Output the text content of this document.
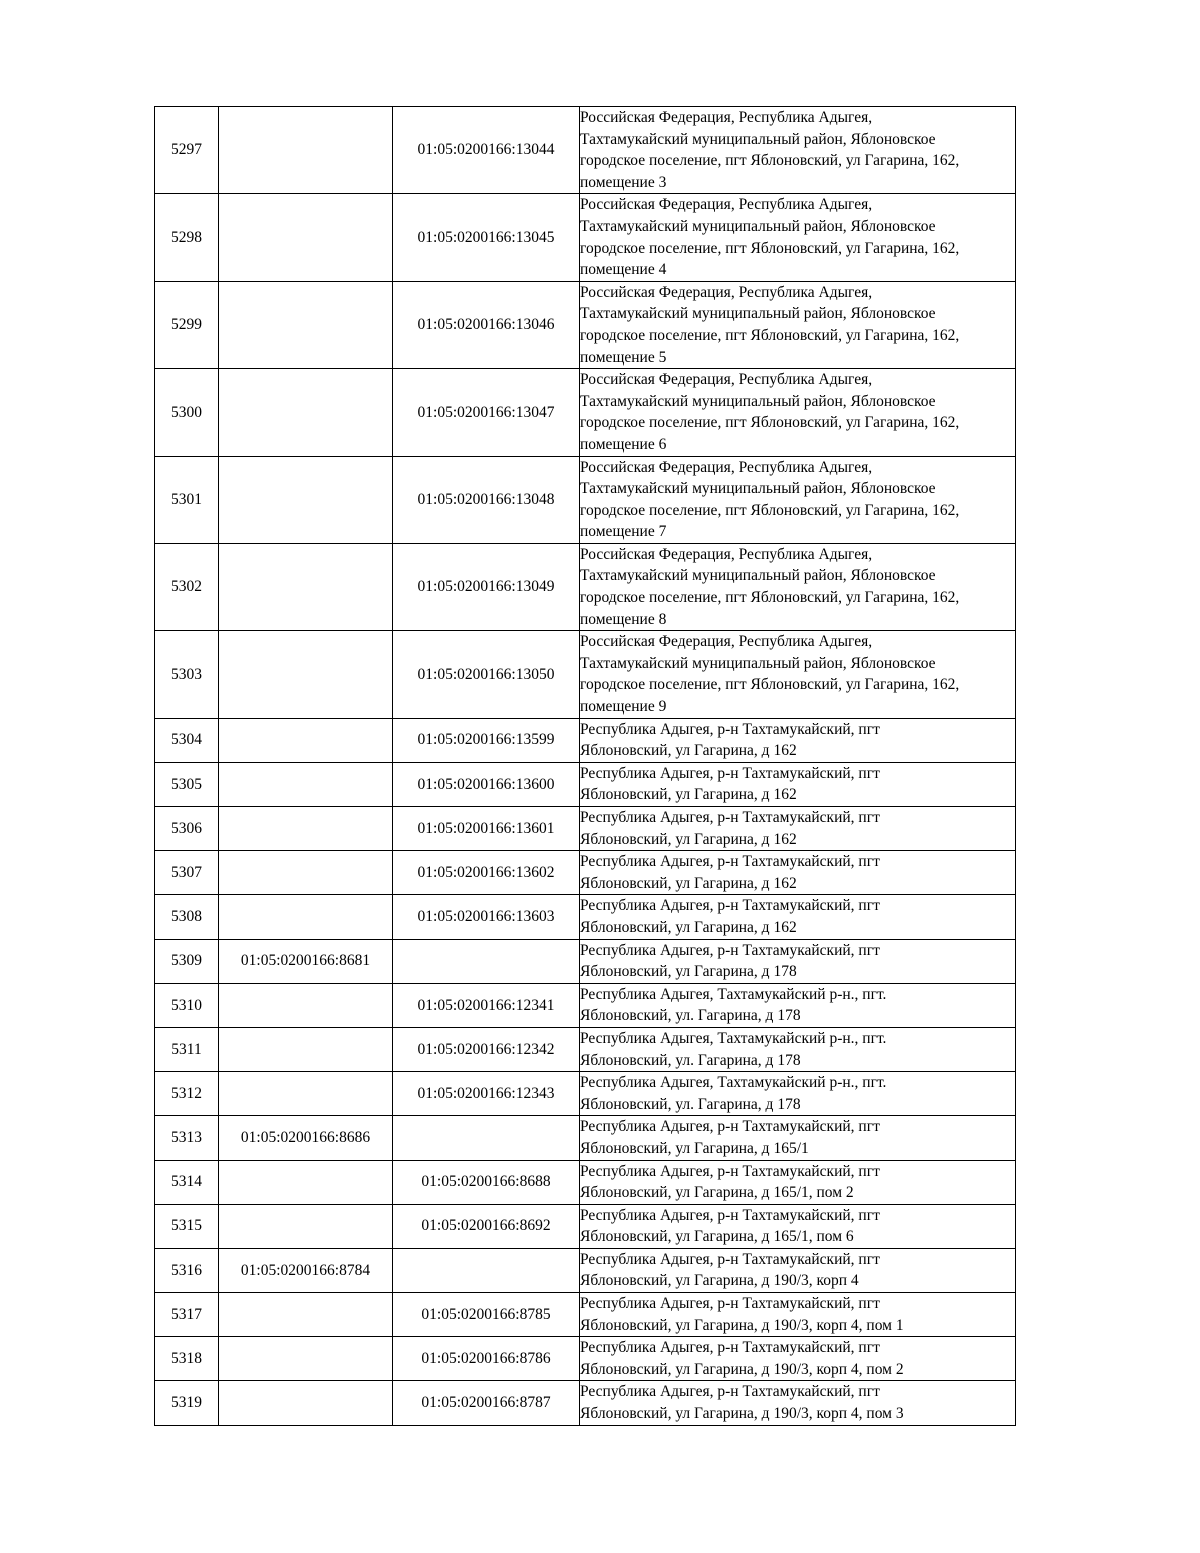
5297		01:05:0200166:13044	Российская Федерация, Республика Адыгея,
Тахтамукайский муниципальный район, Яблоновское
городское поселение, пгт Яблоновский, ул Гагарина, 162,
помещение 3

5298		01:05:0200166:13045	Российская Федерация, Республика Адыгея,
Тахтамукайский муниципальный район, Яблоновское
городское поселение, пгт Яблоновский, ул Гагарина, 162,
помещение 4

5299		01:05:0200166:13046	Российская Федерация, Республика Адыгея,
Тахтамукайский муниципальный район, Яблоновское
городское поселение, пгт Яблоновский, ул Гагарина, 162,
помещение 5

5300		01:05:0200166:13047	Российская Федерация, Республика Адыгея,
Тахтамукайский муниципальный район, Яблоновское
городское поселение, пгт Яблоновский, ул Гагарина, 162,
помещение 6

5301		01:05:0200166:13048	Российская Федерация, Республика Адыгея,
Тахтамукайский муниципальный район, Яблоновское
городское поселение, пгт Яблоновский, ул Гагарина, 162,
помещение 7

5302		01:05:0200166:13049	Российская Федерация, Республика Адыгея,
Тахтамукайский муниципальный район, Яблоновское
городское поселение, пгт Яблоновский, ул Гагарина, 162,
помещение 8

5303		01:05:0200166:13050	Российская Федерация, Республика Адыгея,
Тахтамукайский муниципальный район, Яблоновское
городское поселение, пгт Яблоновский, ул Гагарина, 162,
помещение 9

5304		01:05:0200166:13599	Республика Адыгея, р-н Тахтамукайский, пгт
Яблоновский, ул Гагарина, д 162

5305		01:05:0200166:13600	Республика Адыгея, р-н Тахтамукайский, пгт
Яблоновский, ул Гагарина, д 162

5306		01:05:0200166:13601	Республика Адыгея, р-н Тахтамукайский, пгт
Яблоновский, ул Гагарина, д 162

5307		01:05:0200166:13602	Республика Адыгея, р-н Тахтамукайский, пгт
Яблоновский, ул Гагарина, д 162

5308		01:05:0200166:13603	Республика Адыгея, р-н Тахтамукайский, пгт
Яблоновский, ул Гагарина, д 162

5309	01:05:0200166:8681		Республика Адыгея, р-н Тахтамукайский, пгт
Яблоновский, ул Гагарина, д 178

5310		01:05:0200166:12341	Республика Адыгея, Тахтамукайский р-н., пгт.
Яблоновский, ул. Гагарина, д 178

5311		01:05:0200166:12342	Республика Адыгея, Тахтамукайский р-н., пгт.
Яблоновский, ул. Гагарина, д 178

5312		01:05:0200166:12343	Республика Адыгея, Тахтамукайский р-н., пгт.
Яблоновский, ул. Гагарина, д 178

5313	01:05:0200166:8686		Республика Адыгея, р-н Тахтамукайский, пгт
Яблоновский, ул Гагарина, д 165/1

5314		01:05:0200166:8688	Республика Адыгея, р-н Тахтамукайский, пгт
Яблоновский, ул Гагарина, д 165/1, пом 2

5315		01:05:0200166:8692	Республика Адыгея, р-н Тахтамукайский, пгт
Яблоновский, ул Гагарина, д 165/1, пом 6

5316	01:05:0200166:8784		Республика Адыгея, р-н Тахтамукайский, пгт
Яблоновский, ул Гагарина, д 190/3, корп 4

5317		01:05:0200166:8785	Республика Адыгея, р-н Тахтамукайский, пгт
Яблоновский, ул Гагарина, д 190/3, корп 4, пом 1

5318		01:05:0200166:8786	Республика Адыгея, р-н Тахтамукайский, пгт
Яблоновский, ул Гагарина, д 190/3, корп 4, пом 2

5319		01:05:0200166:8787	Республика Адыгея, р-н Тахтамукайский, пгт
Яблоновский, ул Гагарина, д 190/3, корп 4, пом 3
